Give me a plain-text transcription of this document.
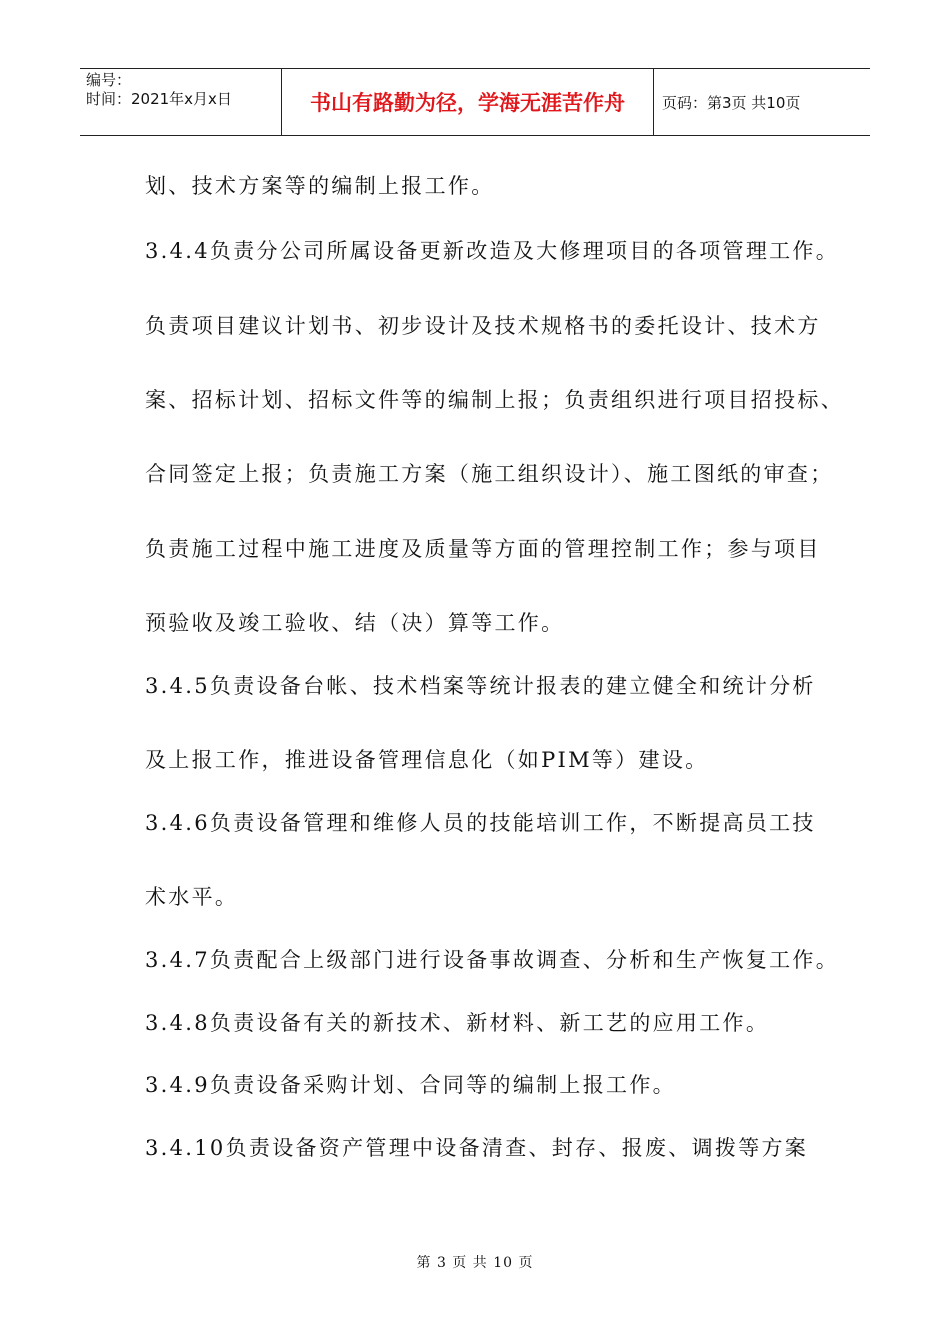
编号：
时间：2021年x月x日	书山有路勤为径，学海无涯苦作舟	页码：第3页 共10页
划、技术方案等的编制上报工作。
3.4.4负责分公司所属设备更新改造及大修理项目的各项管理工作。
负责项目建议计划书、初步设计及技术规格书的委托设计、技术方
案、招标计划、招标文件等的编制上报；负责组织进行项目招投标、
合同签定上报；负责施工方案（施工组织设计）、施工图纸的审查；
负责施工过程中施工进度及质量等方面的管理控制工作；参与项目
预验收及竣工验收、结（决）算等工作。
3.4.5负责设备台帐、技术档案等统计报表的建立健全和统计分析
及上报工作，推进设备管理信息化（如PIM等）建设。
3.4.6负责设备管理和维修人员的技能培训工作，不断提高员工技
术水平。
3.4.7负责配合上级部门进行设备事故调查、分析和生产恢复工作。
3.4.8负责设备有关的新技术、新材料、新工艺的应用工作。
3.4.9负责设备采购计划、合同等的编制上报工作。
3.4.10负责设备资产管理中设备清查、封存、报废、调拨等方案
第 3 页 共 10 页
